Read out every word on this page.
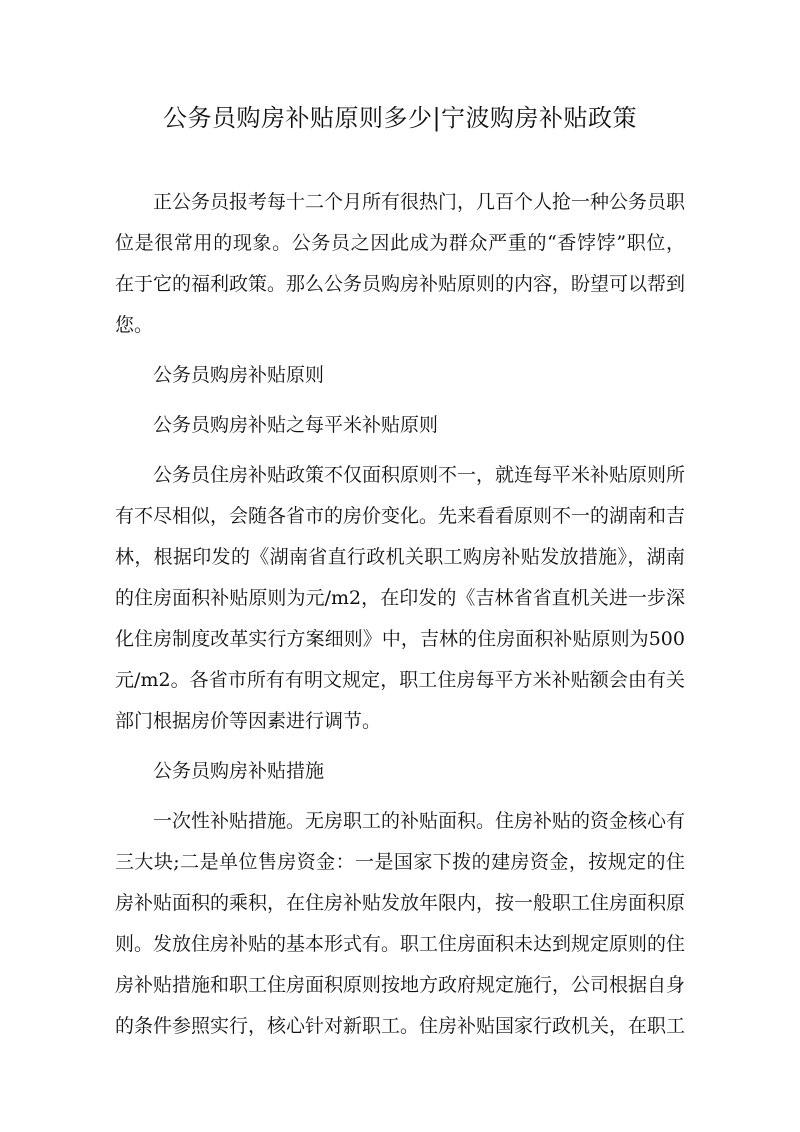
公务员购房补贴原则多少|宁波购房补贴政策

正公务员报考每十二个月所有很热门，几百个人抢一种公务员职位是很常用的现象。公务员之因此成为群众严重的“香饽饽”职位，在于它的福利政策。那么公务员购房补贴原则的内容，盼望可以帮到您。

公务员购房补贴原则

公务员购房补贴之每平米补贴原则

公务员住房补贴政策不仅面积原则不一，就连每平米补贴原则所有不尽相似，会随各省市的房价变化。先来看看原则不一的湖南和吉林，根据印发的《湖南省直行政机关职工购房补贴发放措施》，湖南的住房面积补贴原则为元/m2，在印发的《吉林省省直机关进一步深化住房制度改革实行方案细则》中，吉林的住房面积补贴原则为500元/m2。各省市所有有明文规定，职工住房每平方米补贴额会由有关部门根据房价等因素进行调节。

公务员购房补贴措施

一次性补贴措施。无房职工的补贴面积。住房补贴的资金核心有三大块;二是单位售房资金：一是国家下拨的建房资金，按规定的住房补贴面积的乘积，在住房补贴发放年限内，按一般职工住房面积原则。发放住房补贴的基本形式有。职工住房面积未达到规定原则的住房补贴措施和职工住房面积原则按地方政府规定施行，公司根据自身的条件参照实行，核心针对新职工。住房补贴国家行政机关，在职工
